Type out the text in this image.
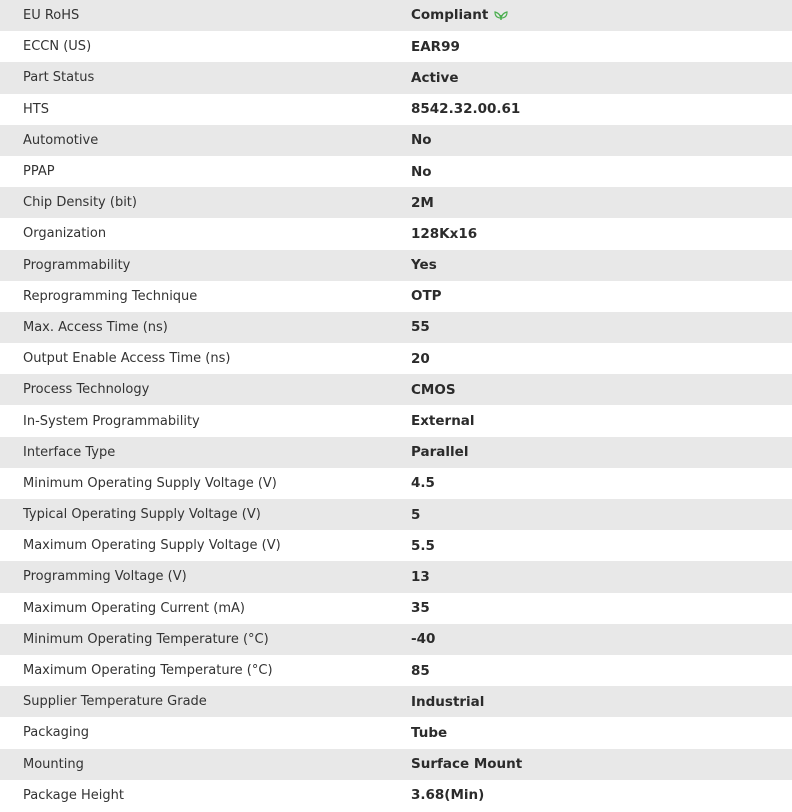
EU RoHS	Compliant
ECCN (US)	EAR99
Part Status	Active
HTS	8542.32.00.61
Automotive	No
PPAP	No
Chip Density (bit)	2M
Organization	128Kx16
Programmability	Yes
Reprogramming Technique	OTP
Max. Access Time (ns)	55
Output Enable Access Time (ns)	20
Process Technology	CMOS
In-System Programmability	External
Interface Type	Parallel
Minimum Operating Supply Voltage (V)	4.5
Typical Operating Supply Voltage (V)	5
Maximum Operating Supply Voltage (V)	5.5
Programming Voltage (V)	13
Maximum Operating Current (mA)	35
Minimum Operating Temperature (°C)	-40
Maximum Operating Temperature (°C)	85
Supplier Temperature Grade	Industrial
Packaging	Tube
Mounting	Surface Mount
Package Height	3.68(Min)
